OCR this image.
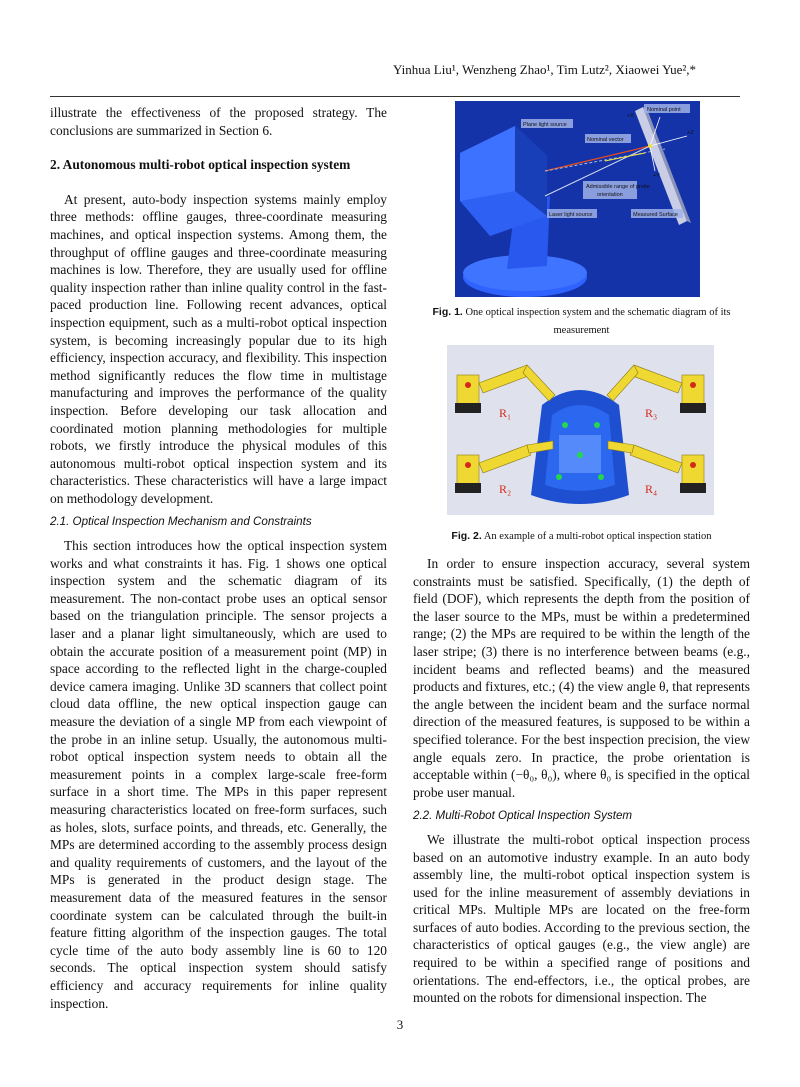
Yinhua Liu¹, Wenzheng Zhao¹, Tim Lutz², Xiaowei Yue²,*

illustrate the effectiveness of the proposed strategy. The conclusions are summarized in Section 6.

2. Autonomous multi-robot optical inspection system

At present, auto-body inspection systems mainly employ three methods: offline gauges, three-coordinate measuring machines, and optical inspection systems. Among them, the throughput of offline gauges and three-coordinate measuring machines is low. Therefore, they are usually used for offline quality inspection rather than inline quality control in the fast-paced production line. Following recent advances, optical inspection equipment, such as a multi-robot optical inspection system, is becoming increasingly popular due to its high efficiency, inspection accuracy, and flexibility. This inspection method significantly reduces the flow time in multistage manufacturing and improves the performance of the quality inspection. Before developing our task allocation and coordinated motion planning methodologies for multiple robots, we firstly introduce the physical modules of this autonomous multi-robot optical inspection system and its characteristics. These characteristics will have a large impact on methodology development.

2.1. Optical Inspection Mechanism and Constraints

This section introduces how the optical inspection system works and what constraints it has. Fig. 1 shows one optical inspection system and the schematic diagram of its measurement. The non-contact probe uses an optical sensor based on the triangulation principle. The sensor projects a laser and a planar light simultaneously, which are used to obtain the accurate position of a measurement point (MP) in space according to the reflected light in the charge-coupled device camera imaging. Unlike 3D scanners that collect point cloud data offline, the new optical inspection gauge can measure the deviation of a single MP from each viewpoint of the probe in an inline setup. Usually, the autonomous multi-robot optical inspection system needs to obtain all the measurement points in a complex large-scale free-form surface in a short time. The MPs in this paper represent measuring characteristics located on free-form surfaces, such as holes, slots, surface points, and threads, etc. Generally, the MPs are determined according to the assembly process design and quality requirements of customers, and the layout of the MPs is generated in the product design stage. The measurement data of the measured features in the sensor coordinate system can be calculated through the built-in feature fitting algorithm of the inspection gauges. The total cycle time of the auto body assembly line is 60 to 120 seconds. The optical inspection system should satisfy efficiency and accuracy requirements for inline quality inspection.

Plane light source
Nominal vector
Nominal point
+X
+Z
+Y
Admissible range of probe
orientation
Laser light source	Measured Surface
Fig. 1. One optical inspection system and the schematic diagram of its measurement
R₁	R₃
R₂	R₄
Fig. 2. An example of a multi-robot optical inspection station

In order to ensure inspection accuracy, several system constraints must be satisfied. Specifically, (1) the depth of field (DOF), which represents the depth from the position of the laser source to the MPs, must be within a predetermined range; (2) the MPs are required to be within the length of the laser stripe; (3) there is no interference between beams (e.g., incident beams and reflected beams) and the measured products and fixtures, etc.; (4) the view angle θ, that represents the angle between the incident beam and the surface normal direction of the measured features, is supposed to be within a specified tolerance. For the best inspection precision, the view angle equals zero. In practice, the probe orientation is acceptable within (−θ₀, θ₀), where θ₀ is specified in the optical probe user manual.

2.2. Multi-Robot Optical Inspection System

We illustrate the multi-robot optical inspection process based on an automotive industry example. In an auto body assembly line, the multi-robot optical inspection system is used for the inline measurement of assembly deviations in critical MPs. Multiple MPs are located on the free-form surfaces of auto bodies. According to the previous section, the characteristics of optical gauges (e.g., the view angle) are required to be within a specified range of positions and orientations. The end-effectors, i.e., the optical probes, are mounted on the robots for dimensional inspection. The

3
